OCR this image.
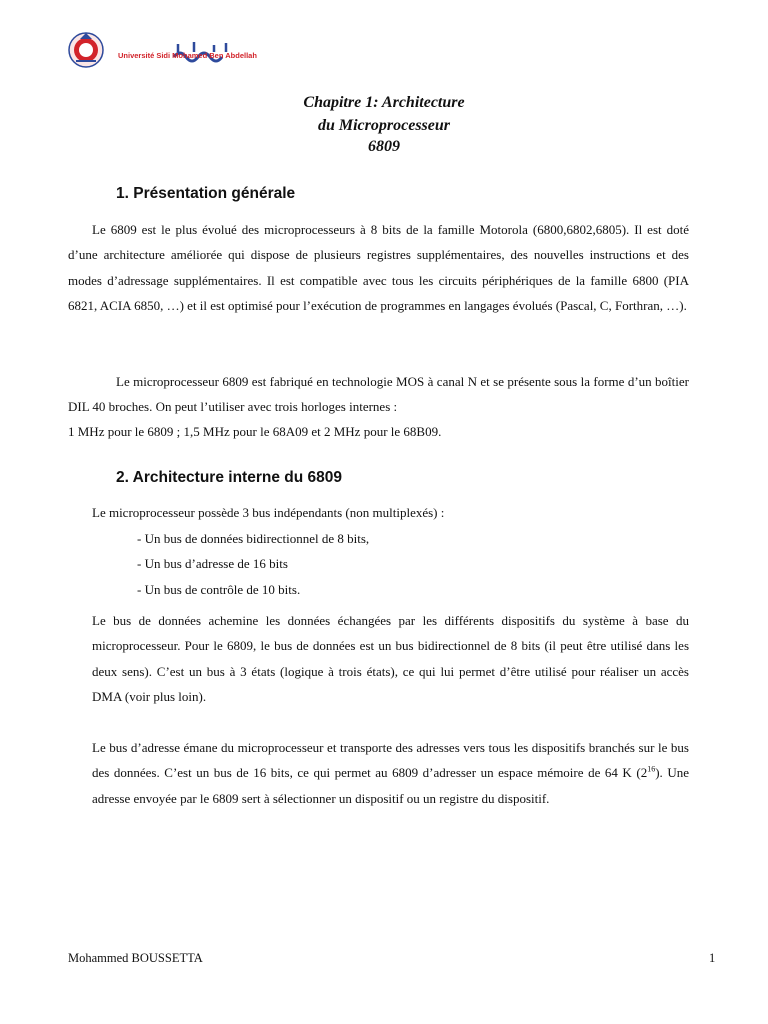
Université Sidi Mohamed Ben Abdellah
Chapitre 1: Architecture
du Microprocesseur
6809
1. Présentation générale
Le 6809 est le plus évolué des microprocesseurs à 8 bits de la famille Motorola (6800,6802,6805). Il est doté d’une architecture améliorée qui dispose de plusieurs registres supplémentaires, des nouvelles instructions et des modes d’adressage supplémentaires. Il est compatible avec tous les circuits périphériques de la famille 6800 (PIA 6821, ACIA 6850, …) et il est optimisé pour l’exécution de programmes en langages évolués (Pascal, C, Forthran, …).
Le microprocesseur 6809 est fabriqué en technologie MOS à canal N et se présente sous la forme d’un boîtier DIL 40 broches. On peut l’utiliser avec trois horloges internes :
1 MHz pour le 6809 ; 1,5 MHz pour le 68A09 et 2 MHz pour le 68B09.
2. Architecture interne du 6809
Le microprocesseur possède 3 bus indépendants (non multiplexés) :
- Un bus de données bidirectionnel de 8 bits,
- Un bus d’adresse de 16 bits
- Un bus de contrôle de 10 bits.
Le bus de données achemine les données échangées par les différents dispositifs du système à base du microprocesseur. Pour le 6809, le bus de données est un bus bidirectionnel de 8 bits (il peut être utilisé dans les deux sens). C’est un bus à 3 états (logique à trois états), ce qui lui permet d’être utilisé pour réaliser un accès DMA (voir plus loin).
Le bus d’adresse émane du microprocesseur et transporte des adresses vers tous les dispositifs branchés sur le bus des données. C’est un bus de 16 bits, ce qui permet au 6809 d’adresser un espace mémoire de 64 K $(2^{16})$. Une adresse envoyée par le 6809 sert à sélectionner un dispositif ou un registre du dispositif.
Mohammed BOUSSETTA	1
